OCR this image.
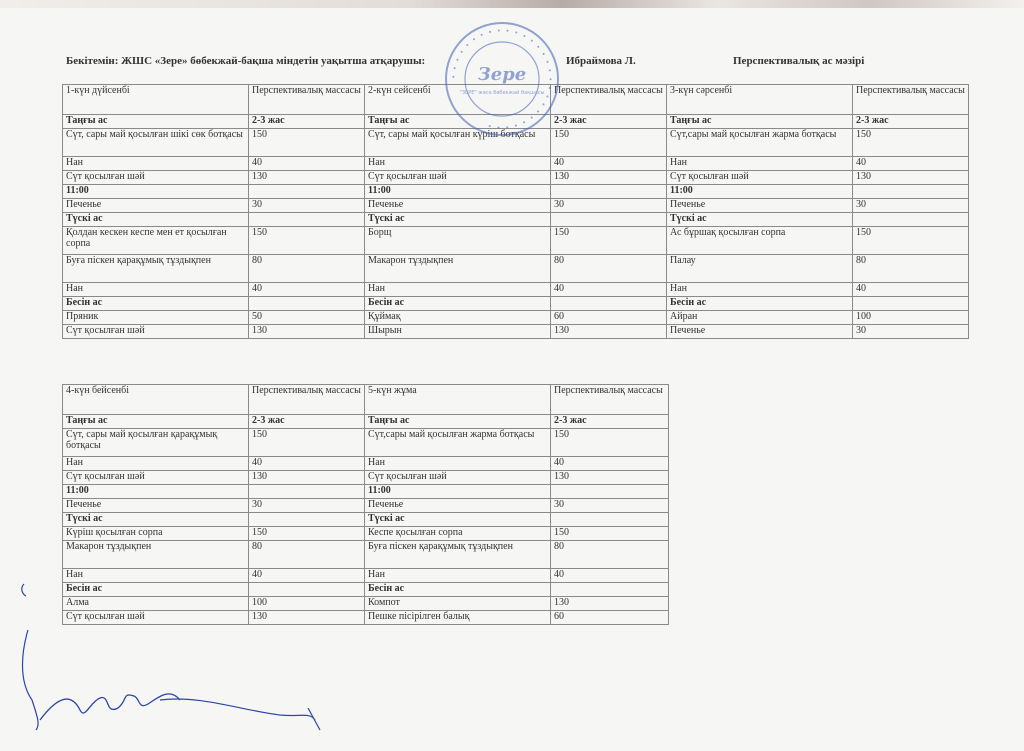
Бекітемін: ЖШС «Зере» бөбекжай-бақша міндетін уақытша атқарушы:	Ибраймова Л.	Перспективалық ас мәзірі
1-күн дүйсенбі	Перспективалық массасы	2-күн сейсенбі	Перспективалық массасы	3-күн сәрсенбі	Перспективалық массасы
Таңғы ас	2-3 жас	Таңғы ас	2-3 жас	Таңғы ас	2-3 жас
Сүт, сары май қосылған шікі сөк ботқасы	150	Сүт, сары май қосылған күріш ботқасы	150	Сүт,сары май қосылған жарма ботқасы	150
Нан	40	Нан	40	Нан	40
Сүт қосылған шәй	130	Сүт қосылған шәй	130	Сүт қосылған шәй	130
11:00		11:00		11:00	
Печенье	30	Печенье	30	Печенье	30
Түскі ас		Түскі ас		Түскі ас	
Қолдан кескен кеспе мен ет қосылған сорпа	150	Борщ	150	Ас бұршақ қосылған сорпа	150
Буға піскен қарақұмық тұздықпен	80	Макарон тұздықпен	80	Палау	80
Нан	40	Нан	40	Нан	40
Бесін ас		Бесін ас		Бесін ас	
Пряник	50	Құймақ	60	Айран	100
Сүт қосылған шәй	130	Шырын	130	Печенье	30
4-күн бейсенбі	Перспективалық массасы	5-күн жұма	Перспективалық массасы
Таңғы ас	2-3 жас	Таңғы ас	2-3 жас
Сүт, сары май қосылған қарақұмық ботқасы	150	Сүт,сары май қосылған жарма ботқасы	150
Нан	40	Нан	40
Сүт қосылған шәй	130	Сүт қосылған шәй	130
11:00		11:00	
Печенье	30	Печенье	30
Түскі ас		Түскі ас	
Күріш қосылған сорпа	150	Кеспе қосылған сорпа	150
Макарон тұздықпен	80	Буға піскен қарақұмық тұздықпен	80
Нан	40	Нан	40
Бесін ас		Бесін ас	
Алма	100	Компот	130
Сүт қосылған шәй	130	Пешке пісірілген балық	60
• • • • • • • • • • • • • • • • • • • • • • • • • • • •
Зере
"ЗЕРЕ" жаса бөбекжай бақшасы
